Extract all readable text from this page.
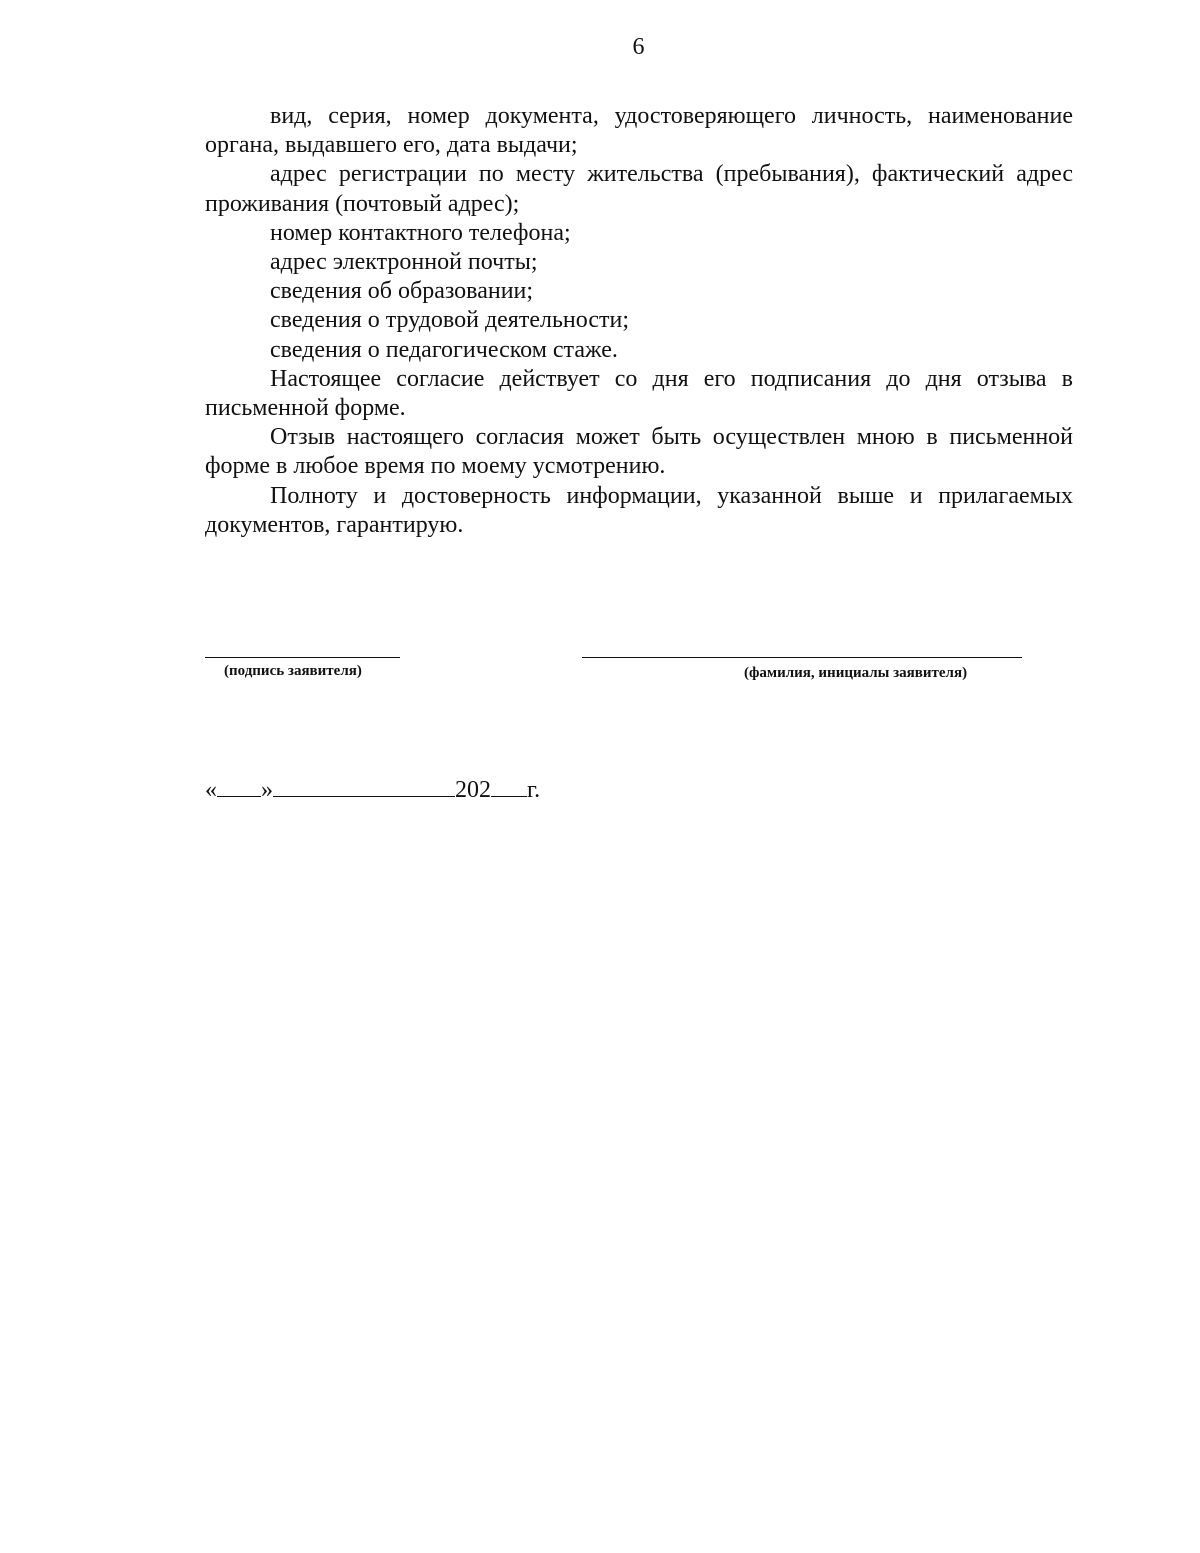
6

вид, серия, номер документа, удостоверяющего личность, наименование органа, выдавшего его, дата выдачи;

адрес регистрации по месту жительства (пребывания), фактический адрес проживания (почтовый адрес);

номер контактного телефона;

адрес электронной почты;

сведения об образовании;

сведения о трудовой деятельности;

сведения о педагогическом стаже.

Настоящее согласие действует со дня его подписания до дня отзыва в письменной форме.

Отзыв настоящего согласия может быть осуществлен мною в письменной форме в любое время по моему усмотрению.

Полноту и достоверность информации, указанной выше и прилагаемых документов, гарантирую.

(подпись заявителя)	(фамилия, инициалы заявителя)
« »	202 г.
